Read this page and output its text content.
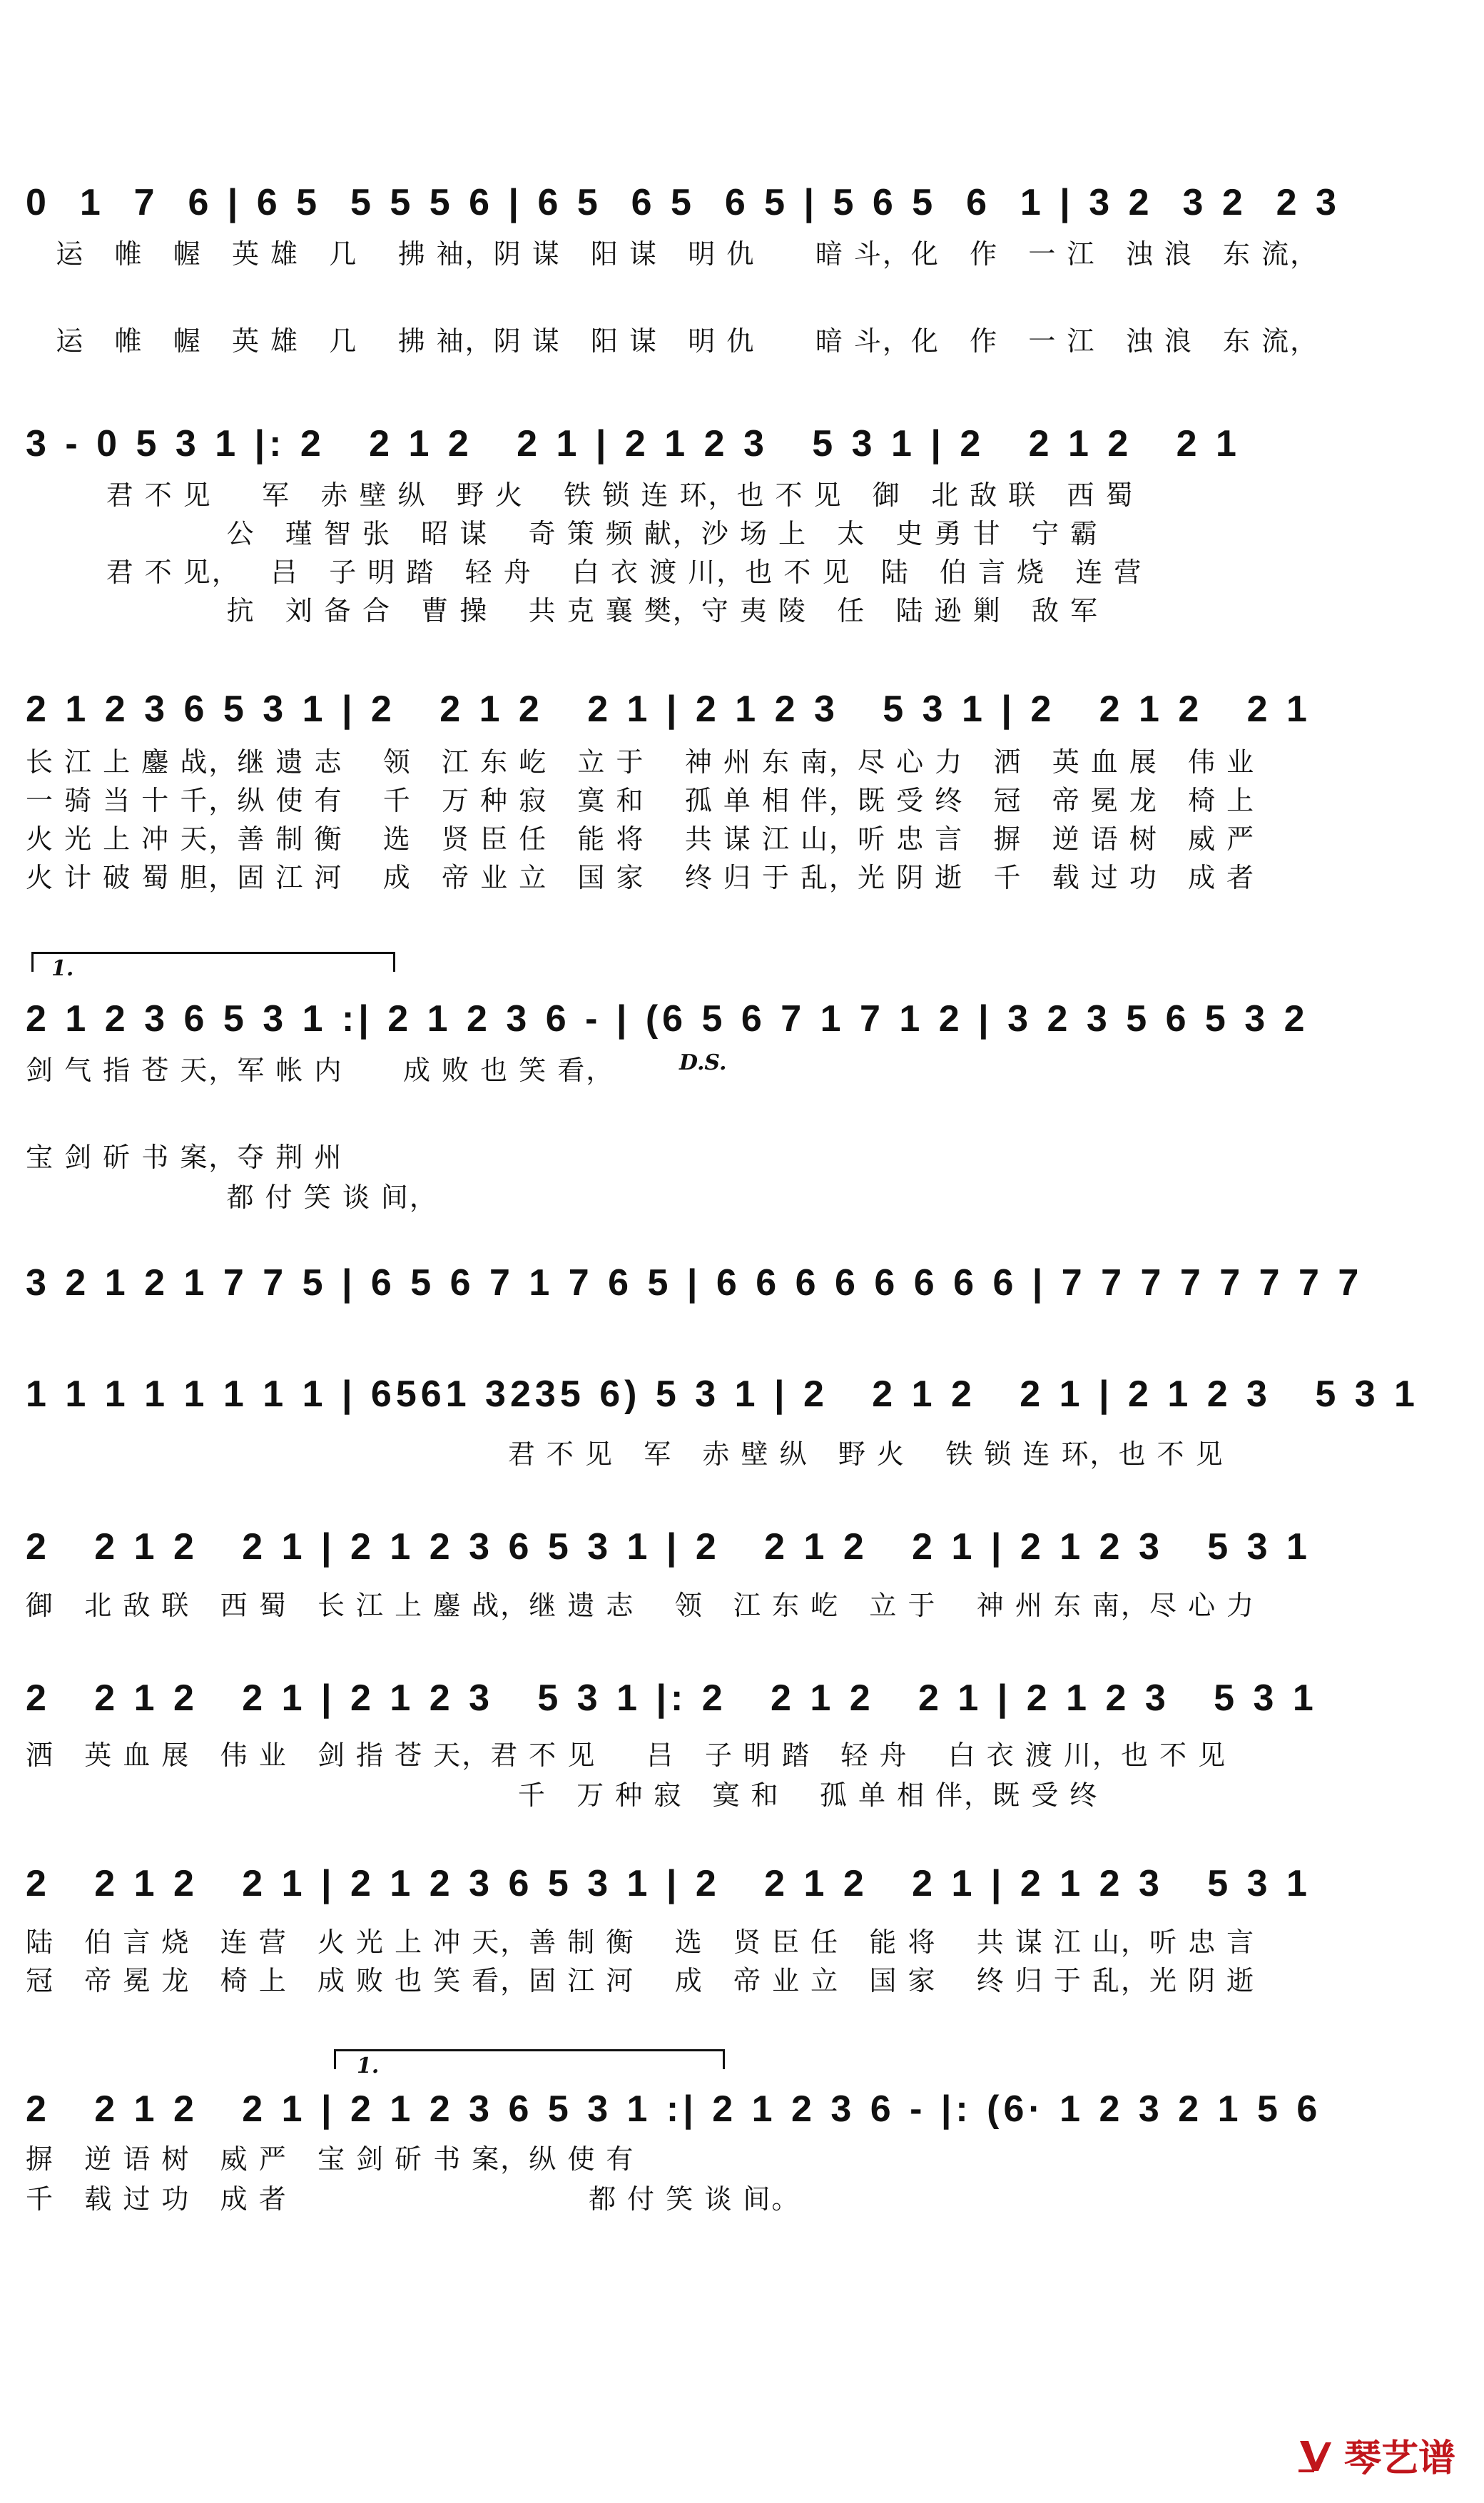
0  1  7  6 | 6 5  5 5 5 6 | 6 5  6 5  6 5 | 5 6 5  6  1 | 3 2  3 2  2 3
运   帷   幄   英 雄   几    拂 袖，阴 谋   阳 谋   明 仇      暗 斗，化   作   一 江   浊 浪   东 流，
运   帷   幄   英 雄   几    拂 袖，阴 谋   阳 谋   明 仇      暗 斗，化   作   一 江   浊 浪   东 流，
3 - 0 5 3 1 |: 2   2 1 2   2 1 | 2 1 2 3   5 3 1 | 2   2 1 2   2 1
君 不 见     军   赤 壁 纵   野 火    铁 锁 连 环，也 不 见   御   北 敌 联   西 蜀
公   瑾 智 张   昭 谋    奇 策 频 献，沙 场 上   太   史 勇 甘   宁 霸
君 不 见，   吕   子 明 踏   轻 舟    白 衣 渡 川，也 不 见   陆   伯 言 烧   连 营
抗   刘 备 合   曹 操    共 克 襄 樊，守 夷 陵   任   陆 逊 剿   敌 军
2 1 2 3 6 5 3 1 | 2   2 1 2   2 1 | 2 1 2 3   5 3 1 | 2   2 1 2   2 1
长 江 上 鏖 战，继 遗 志    领   江 东 屹   立 于    神 州 东 南，尽 心 力   洒   英 血 展   伟 业
一 骑 当 十 千，纵 使 有    千   万 种 寂   寞 和    孤 单 相 伴，既 受 终   冠   帝 冕 龙   椅 上
火 光 上 冲 天，善 制 衡    选   贤 臣 任   能 将    共 谋 江 山，听 忠 言   摒   逆 语 树   威 严
火 计 破 蜀 胆，固 江 河    成   帝 业 立   国 家    终 归 于 乱，光 阴 逝   千   载 过 功   成 者
1.
2 1 2 3 6 5 3 1 :| 2 1 2 3 6 - | (6 5 6 7 1 7 1 2 | 3 2 3 5 6 5 3 2
D.S.
剑 气 指 苍 天，军 帐 内      成 败 也 笑 看，
宝 剑 斫 书 案，夺 荆 州
都 付 笑 谈 间，
3 2 1 2 1 7 7 5 | 6 5 6 7 1 7 6 5 | 6 6 6 6 6 6 6 6 | 7 7 7 7 7 7 7 7
1 1 1 1 1 1 1 1 | 6561 3235 6) 5 3 1 | 2   2 1 2   2 1 | 2 1 2 3   5 3 1
君 不 见   军   赤 壁 纵   野 火    铁 锁 连 环，也 不 见
2   2 1 2   2 1 | 2 1 2 3 6 5 3 1 | 2   2 1 2   2 1 | 2 1 2 3   5 3 1
御   北 敌 联   西 蜀   长 江 上 鏖 战，继 遗 志    领   江 东 屹   立 于    神 州 东 南，尽 心 力
2   2 1 2   2 1 | 2 1 2 3   5 3 1 |: 2   2 1 2   2 1 | 2 1 2 3   5 3 1
洒   英 血 展   伟 业   剑 指 苍 天，君 不 见     吕   子 明 踏   轻 舟    白 衣 渡 川，也 不 见
千   万 种 寂   寞 和    孤 单 相 伴，既 受 终
2   2 1 2   2 1 | 2 1 2 3 6 5 3 1 | 2   2 1 2   2 1 | 2 1 2 3   5 3 1
陆   伯 言 烧   连 营   火 光 上 冲 天，善 制 衡    选   贤 臣 任   能 将    共 谋 江 山，听 忠 言
冠   帝 冕 龙   椅 上   成 败 也 笑 看，固 江 河    成   帝 业 立   国 家    终 归 于 乱，光 阴 逝
1.
2   2 1 2   2 1 | 2 1 2 3 6 5 3 1 :| 2 1 2 3 6 - |: (6· 1 2 3 2 1 5 6
摒   逆 语 树   威 严   宝 剑 斫 书 案，纵 使 有
千   载 过 功   成 者                              都 付 笑 谈 间。
琴艺谱
